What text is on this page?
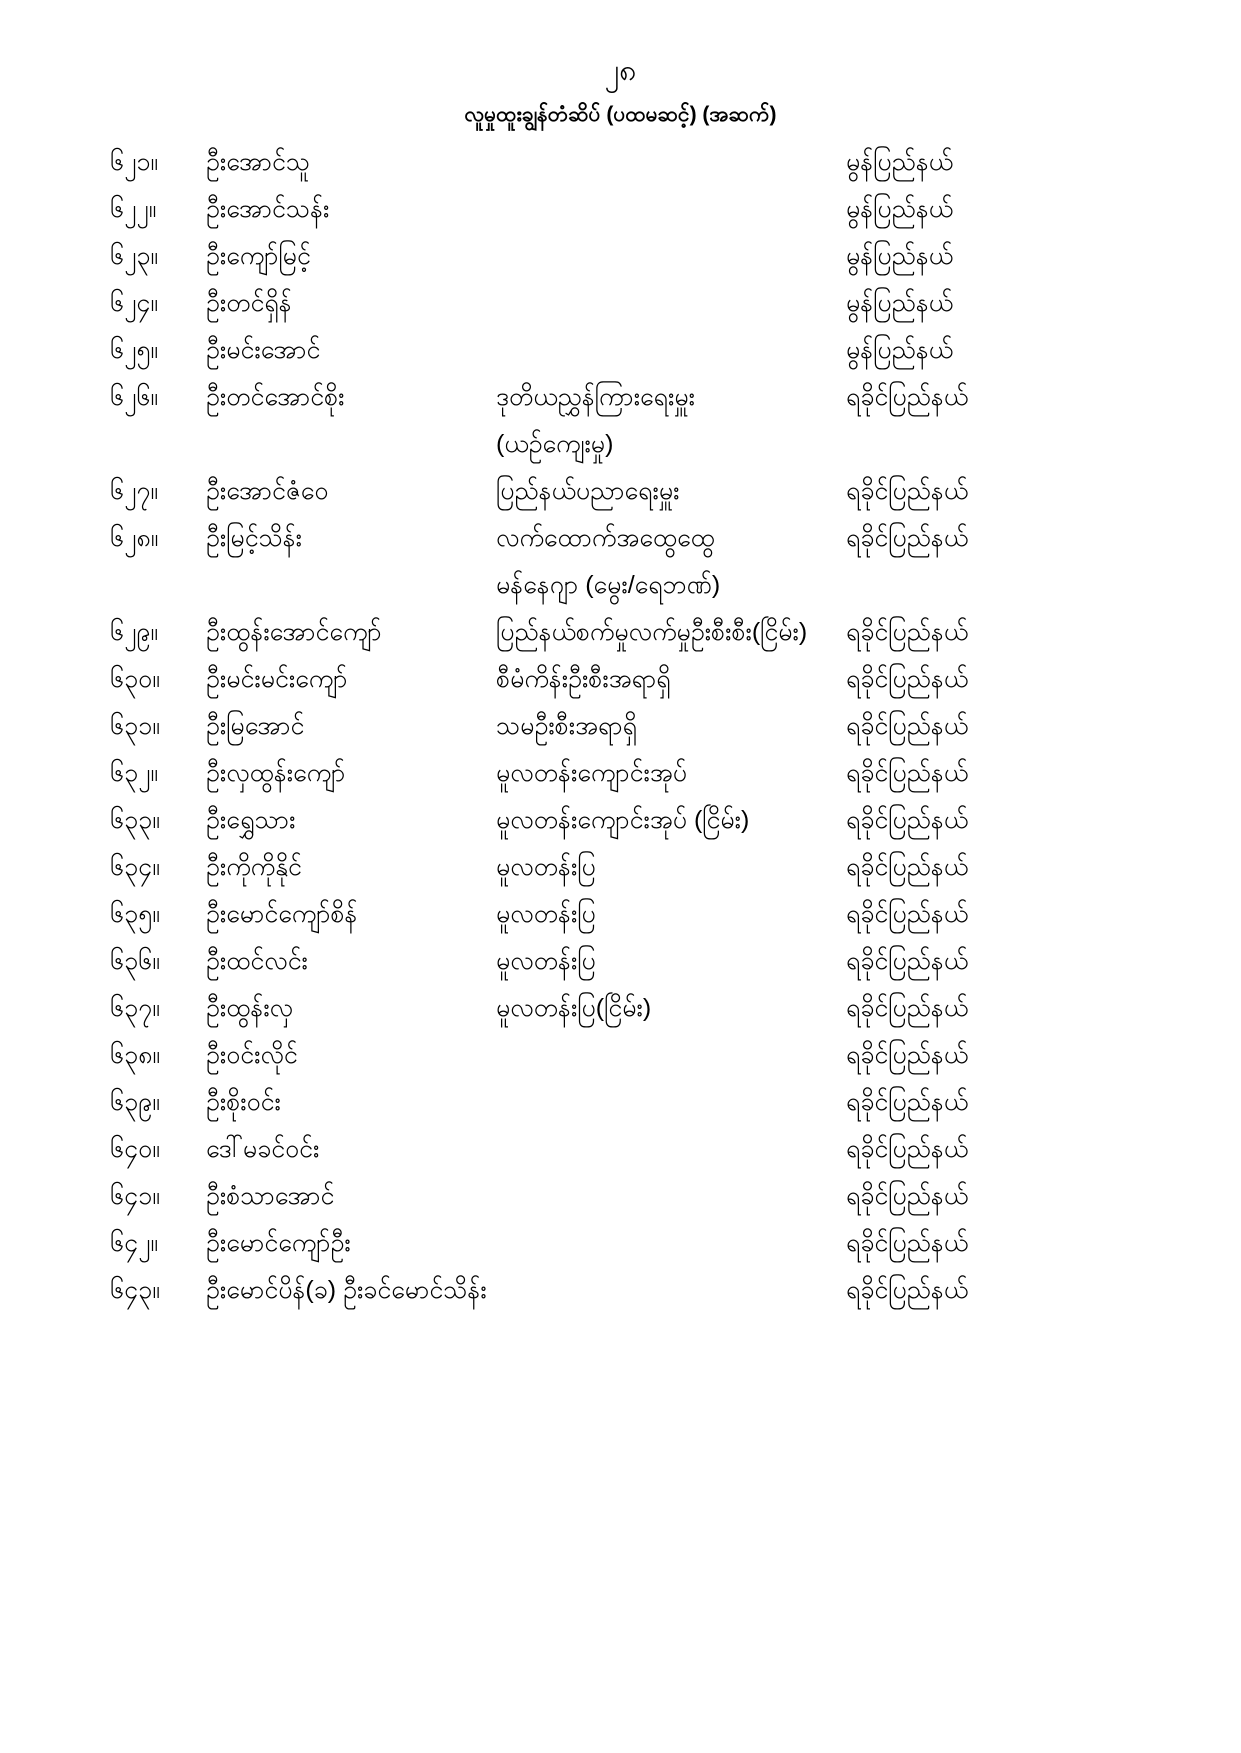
၂၈
လူမှုထူးချွန်တံဆိပ် (ပထမဆင့်) (အဆက်)
၆၂၁။	ဦးအောင်သူ		မွန်ပြည်နယ်
၆၂၂။	ဦးအောင်သန်း		မွန်ပြည်နယ်
၆၂၃။	ဦးကျော်မြင့်		မွန်ပြည်နယ်
၆၂၄။	ဦးတင်ရှိန်		မွန်ပြည်နယ်
၆၂၅။	ဦးမင်းအောင်		မွန်ပြည်နယ်
၆၂၆။	ဦးတင်အောင်စိုး	ဒုတိယညွှန်ကြားရေးမှူး	ရခိုင်ပြည်နယ်
		(ယဉ်ကျေးမှု)	
၆၂၇။	ဦးအောင်ဇံဝေ	ပြည်နယ်ပညာရေးမှူး	ရခိုင်ပြည်နယ်
၆၂၈။	ဦးမြင့်သိန်း	လက်ထောက်အထွေထွေ	ရခိုင်ပြည်နယ်
		မန်နေဂျာ (မွေး/ရေဘဏ်)	
၆၂၉။	ဦးထွန်းအောင်ကျော်	ပြည်နယ်စက်မှုလက်မှုဦးစီးစီး(ငြိမ်း)	ရခိုင်ပြည်နယ်
၆၃၀။	ဦးမင်းမင်းကျော်	စီမံကိန်းဦးစီးအရာရှိ	ရခိုင်ပြည်နယ်
၆၃၁။	ဦးမြအောင်	သမဦးစီးအရာရှိ	ရခိုင်ပြည်နယ်
၆၃၂။	ဦးလှထွန်းကျော်	မူလတန်းကျောင်းအုပ်	ရခိုင်ပြည်နယ်
၆၃၃။	ဦးရွှေသား	မူလတန်းကျောင်းအုပ် (ငြိမ်း)	ရခိုင်ပြည်နယ်
၆၃၄။	ဦးကိုကိုနိုင်	မူလတန်းပြ	ရခိုင်ပြည်နယ်
၆၃၅။	ဦးမောင်ကျော်စိန်	မူလတန်းပြ	ရခိုင်ပြည်နယ်
၆၃၆။	ဦးထင်လင်း	မူလတန်းပြ	ရခိုင်ပြည်နယ်
၆၃၇။	ဦးထွန်းလှ	မူလတန်းပြ(ငြိမ်း)	ရခိုင်ပြည်နယ်
၆၃၈။	ဦးဝင်းလိုင်		ရခိုင်ပြည်နယ်
၆၃၉။	ဦးစိုးဝင်း		ရခိုင်ပြည်နယ်
၆၄၀။	ဒေါ်မခင်ဝင်း		ရခိုင်ပြည်နယ်
၆၄၁။	ဦးစံသာအောင်		ရခိုင်ပြည်နယ်
၆၄၂။	ဦးမောင်ကျော်ဦး		ရခိုင်ပြည်နယ်
၆၄၃။	ဦးမောင်ပိန်(ခ) ဦးခင်မောင်သိန်း		ရခိုင်ပြည်နယ်
